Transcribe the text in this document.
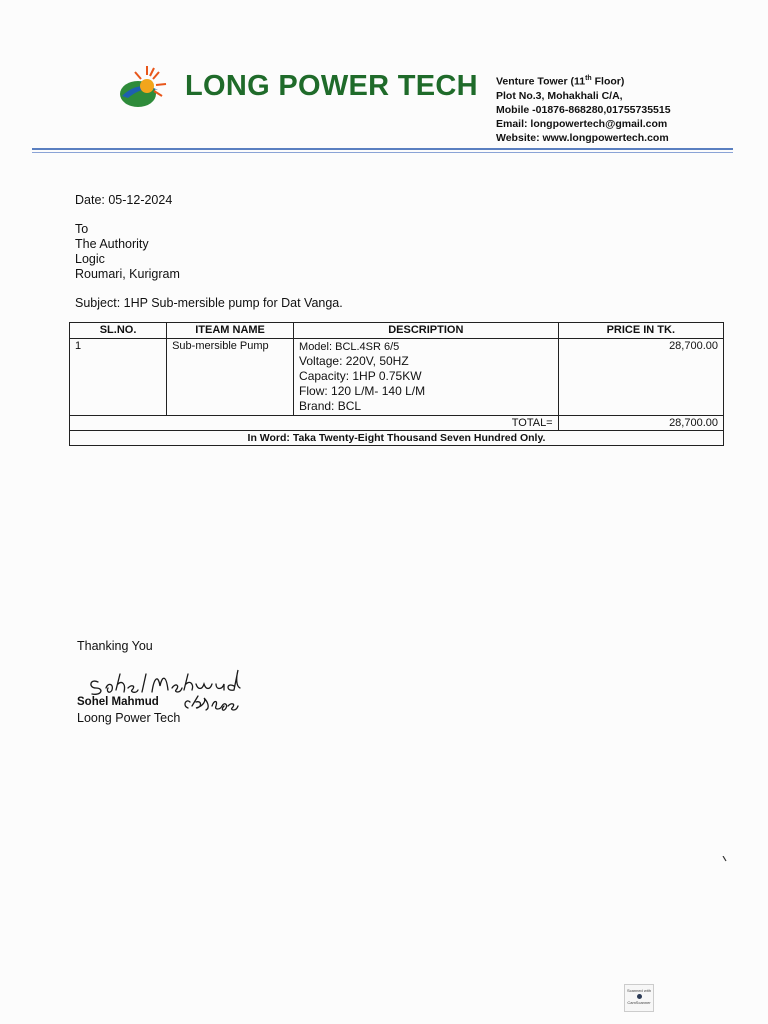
LONG POWER TECH Venture Tower (11th Floor)
Plot No.3, Mohakhali C/A,
Mobile -01876-868280,01755735515
Email: longpowertech@gmail.com
Website: www.longpowertech.com
Date: 05-12-2024
To
The Authority
Logic
Roumari, Kurigram
Subject: 1HP Sub-mersible pump for Dat Vanga.
SL.NO.	ITEAM NAME	DESCRIPTION	PRICE IN TK.
1	Sub-mersible Pump	Model: BCL.4SR 6/5
Voltage: 220V, 50HZ
Capacity: 1HP 0.75KW
Flow: 120 L/M- 140 L/M
Brand: BCL	28,700.00
TOTAL=			28,700.00
In Word: Taka Twenty-Eight Thousand Seven Hundred Only.			
Thanking You
Sohel Mahmud
Loong Power Tech
Scanned with
CamScanner
